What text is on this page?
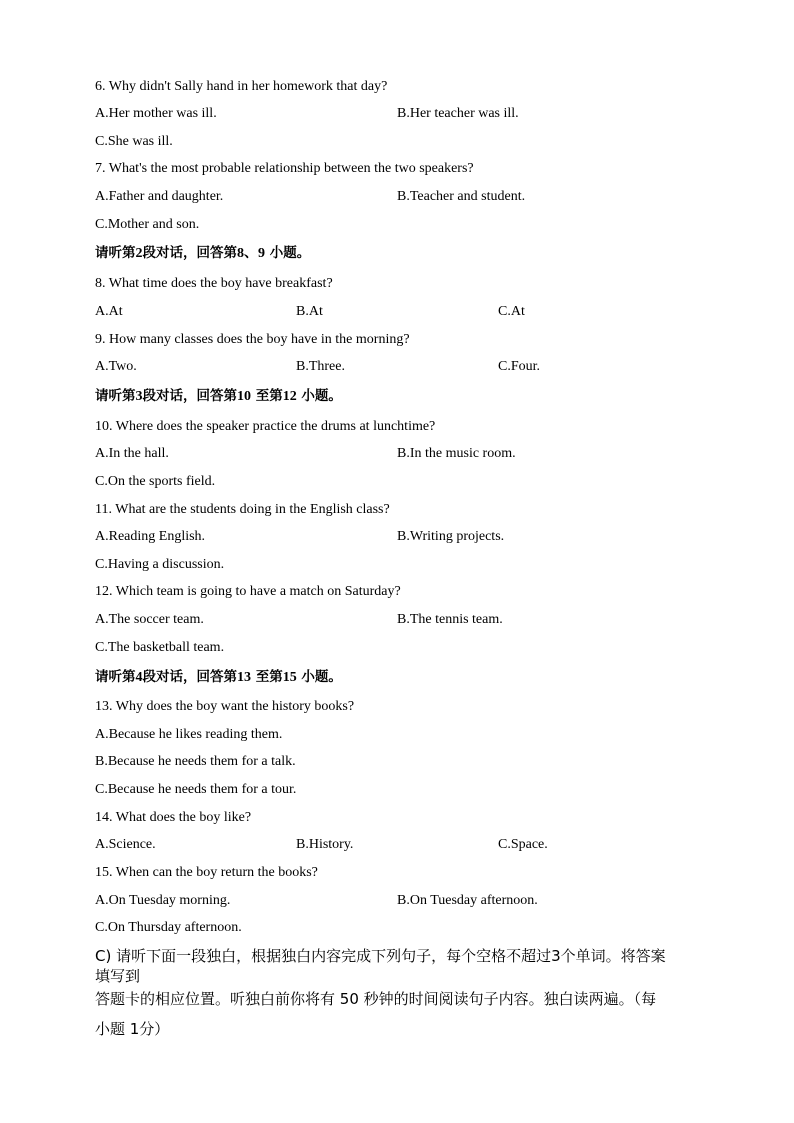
6. Why didn't Sally hand in her homework that day?
A.Her mother was ill.	B.Her teacher was ill.
C.She was ill.
7. What's the most probable relationship between the two speakers?
A.Father and daughter.	B.Teacher and student.
C.Mother and son.
请听第2段对话，回答第8、9 小题。
8. What time does the boy have breakfast?
A.At	B.At	C.At
9. How many classes does the boy have in the morning?
A.Two.	B.Three.	C.Four.
请听第3段对话，回答第10 至第12 小题。
10. Where does the speaker practice the drums at lunchtime?
A.In the hall.	B.In the music room.
C.On the sports field.
11. What are the students doing in the English class?
A.Reading English.	B.Writing projects.
C.Having a discussion.
12. Which team is going to have a match on Saturday?
A.The soccer team.	B.The tennis team.
C.The basketball team.
请听第4段对话，回答第13 至第15 小题。
13. Why does the boy want the history books?
A.Because he likes reading them.
B.Because he needs them for a talk.
C.Because he needs them for a tour.
14. What does the boy like?
A.Science.	B.History.	C.Space.
15. When can the boy return the books?
A.On Tuesday morning.	B.On Tuesday afternoon.
C.On Thursday afternoon.
C) 请听下面一段独白，根据独白内容完成下列句子，每个空格不超过3个单词。将答案
填写到
答题卡的相应位置。听独白前你将有 50 秒钟的时间阅读句子内容。独白读两遍。（每
小题 1分）
